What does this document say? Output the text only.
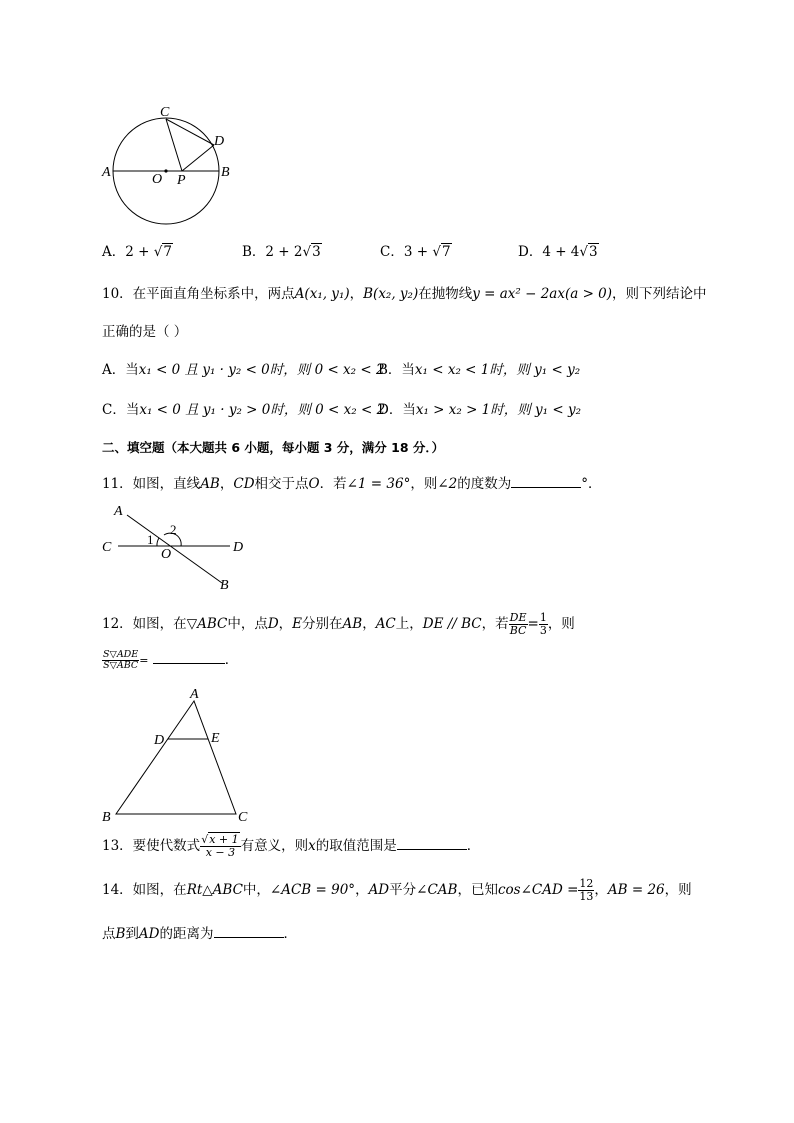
C
D
A	O P
B
A．2 + √7	B．2 + 2√3	C．3 + √7	D．4 + 4√3
10．在平面直角坐标系中，两点A(x₁, y₁)，B(x₂, y₂)在抛物线y = ax² − 2ax(a > 0)，则下列结论中
正确的是（ ）
A．当x₁ < 0 且 y₁ · y₂ < 0时，则 0 < x₂ < 2
B．当x₁ < x₂ < 1时，则 y₁ < y₂
C．当x₁ < 0 且 y₁ · y₂ > 0时，则 0 < x₂ < 2
D．当x₁ > x₂ > 1时，则 y₁ < y₂
二、填空题（本大题共 6 小题，每小题 3 分，满分 18 分．）
11．如图，直线AB，CD相交于点O．若∠1 = 36°，则∠2的度数为	°．
A
C	D
O
B
1
2
12．如图，在▽ABC中，点D，E分别在AB，AC上，DE // BC，若 $\frac{DE}{BC} = \frac{1}{3}$ ，则
$\frac{\text{S▽ADE}}{\text{S▽ABC}}$ =	．
A
D	E
B	C
13．要使代数式 $\frac{√x + 1}{x - 3}$ 有意义，则x的取值范围是	．
14．如图，在Rt△ABC中，∠ACB = 90°，AD平分∠CAB，已知cos∠CAD = $\frac{12}{13}$ ，AB = 26，则
点B到AD的距离为	．
